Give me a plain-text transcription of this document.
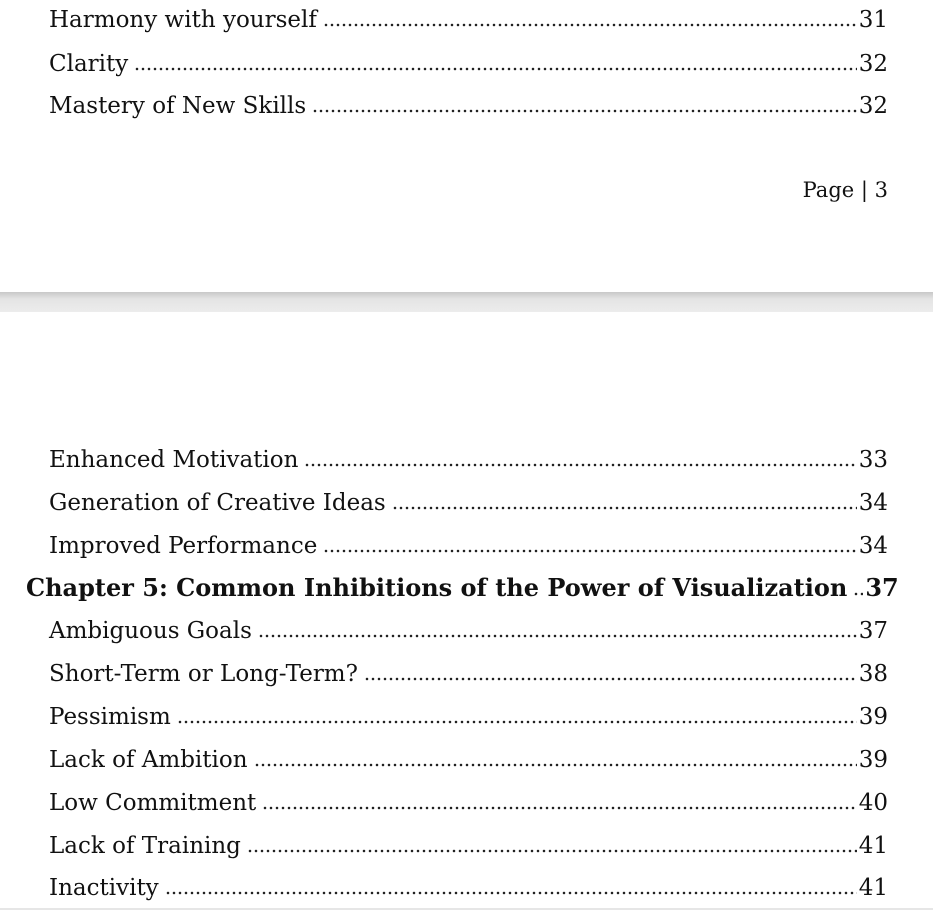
Harmony with yourself	31
Clarity	32
Mastery of New Skills	32
Page | 3
Enhanced Motivation	33
Generation of Creative Ideas	34
Improved Performance	34
Chapter 5: Common Inhibitions of the Power of Visualization 37
Ambiguous Goals	37
Short-Term or Long-Term?	38
Pessimism	39
Lack of Ambition	39
Low Commitment	40
Lack of Training	41
Inactivity	41
